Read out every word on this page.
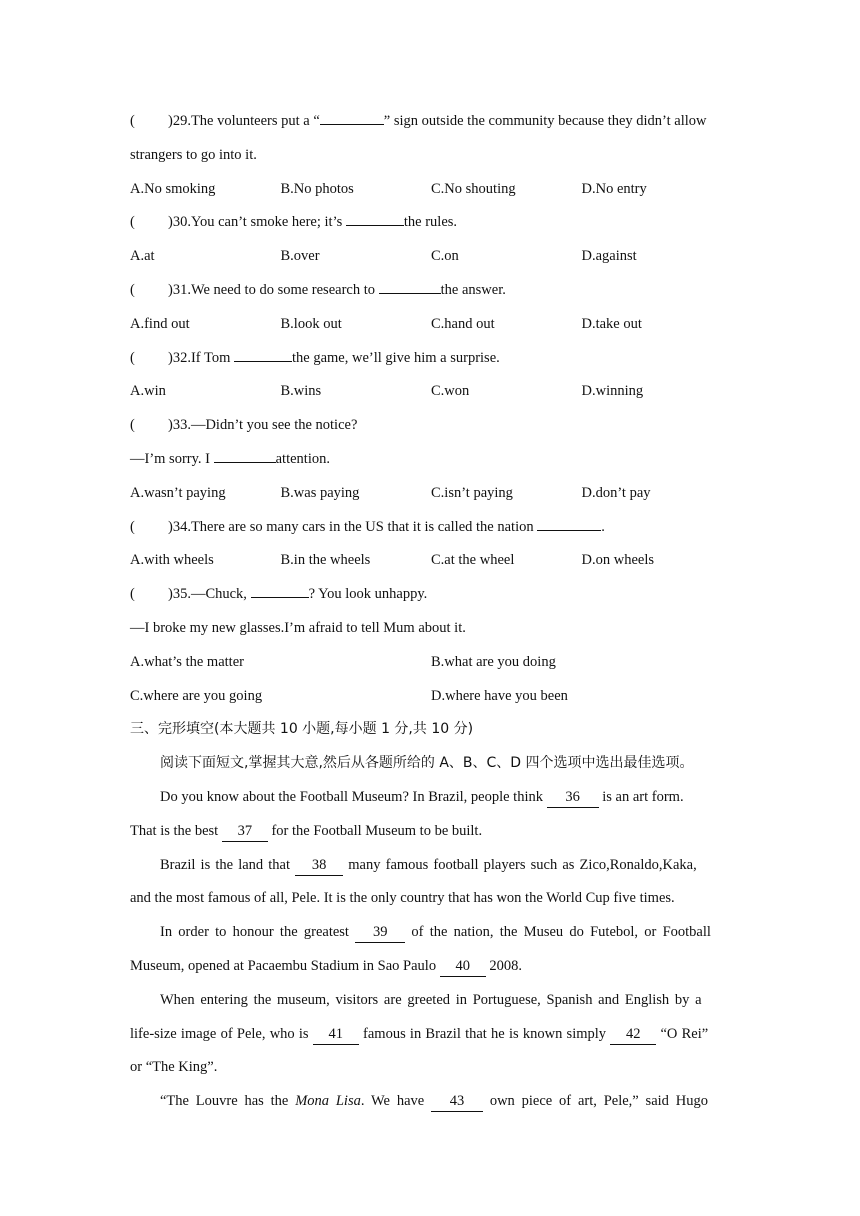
( )29.The volunteers put a “	” sign outside the community because they didn’t allow
strangers to go into it.
A.No smoking	B.No photos	C.No shouting	D.No entry
( )30.You can’t smoke here; it’s	the rules.
A.at	B.over	C.on	D.against
( )31.We need to do some research to	the answer.
A.find out	B.look out	C.hand out	D.take out
( )32.If Tom	the game, we’ll give him a surprise.
A.win	B.wins	C.won	D.winning
( )33.—Didn’t you see the notice?
—I’m sorry. I	attention.
A.wasn’t paying	B.was paying	C.isn’t paying	D.don’t pay
( )34.There are so many cars in the US that it is called the nation	.
A.with wheels	B.in the wheels	C.at the wheel	D.on wheels
( )35.—Chuck,	? You look unhappy.
—I broke my new glasses.I’m afraid to tell Mum about it.
A.what’s the matter	B.what are you doing
C.where are you going	D.where have you been
三、完形填空(本大题共 10 小题,每小题 1 分,共 10 分)
阅读下面短文,掌握其大意,然后从各题所给的 A、B、C、D 四个选项中选出最佳选项。
Do you know about the Football Museum? In Brazil, people think 36 is an art form.
That is the best 37 for the Football Museum to be built.
Brazil is the land that 38 many famous football players such as Zico,Ronaldo,Kaka,
and the most famous of all, Pele. It is the only country that has won the World Cup five times.
In order to honour the greatest 39 of the nation, the Museu do Futebol, or Football
Museum, opened at Pacaembu Stadium in Sao Paulo 40 2008.
When entering the museum, visitors are greeted in Portuguese, Spanish and English by a
life-size image of Pele, who is 41 famous in Brazil that he is known simply 42 “O Rei”
or “The King”.
“The Louvre has the Mona Lisa. We have 43 own piece of art, Pele,” said Hugo
